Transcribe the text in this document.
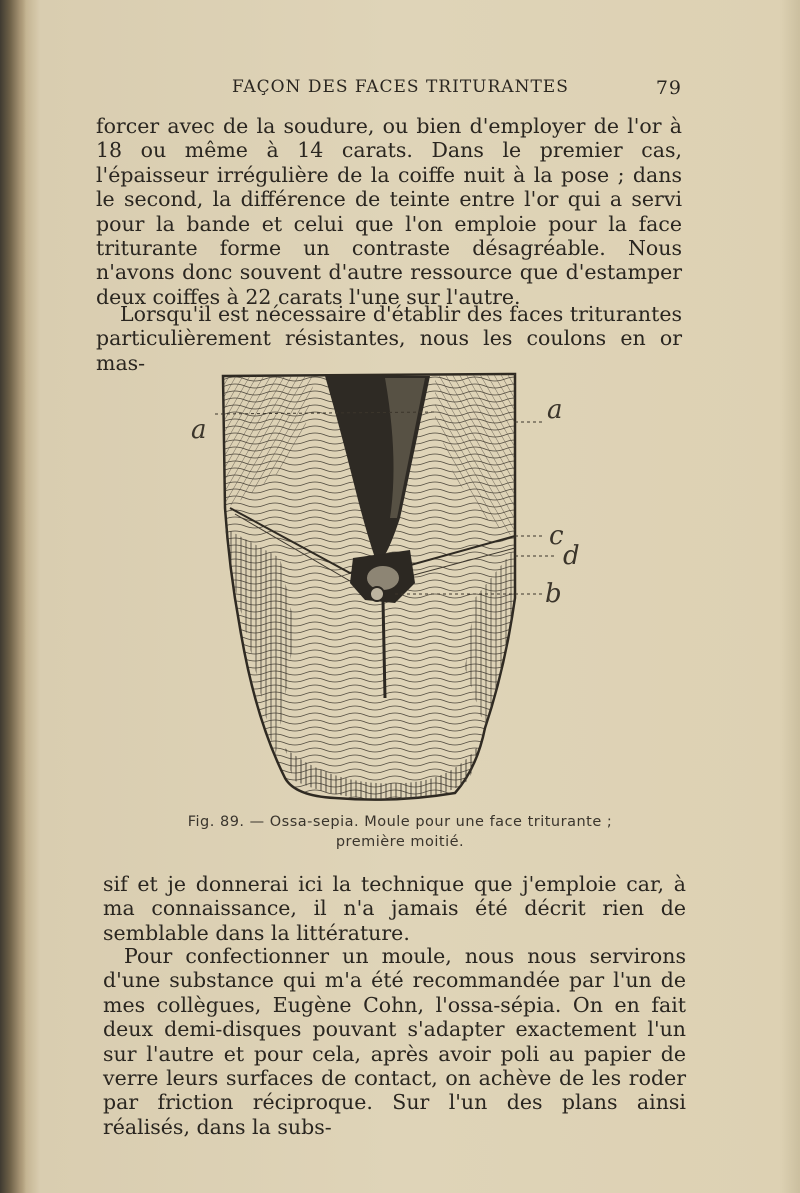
FAÇON DES FACES TRITURANTES	79

forcer avec de la soudure, ou bien d'employer de l'or à 18 ou même à 14 carats. Dans le premier cas, l'épaisseur irrégulière de la coiffe nuit à la pose ; dans le second, la différence de teinte entre l'or qui a servi pour la bande et celui que l'on emploie pour la face triturante forme un contraste désagréable. Nous n'avons donc souvent d'autre ressource que d'estamper deux coiffes à 22 carats l'une sur l'autre.

Lorsqu'il est nécessaire d'établir des faces triturantes particulièrement résistantes, nous les coulons en or mas-

a
a
c
d
b
Fig. 89. — Ossa-sepia. Moule pour une face triturante ;
première moitié.

sif et je donnerai ici la technique que j'emploie car, à ma connaissance, il n'a jamais été décrit rien de semblable dans la littérature.

Pour confectionner un moule, nous nous servirons d'une substance qui m'a été recommandée par l'un de mes collègues, Eugène Cohn, l'ossa-sépia. On en fait deux demi-disques pouvant s'adapter exactement l'un sur l'autre et pour cela, après avoir poli au papier de verre leurs surfaces de contact, on achève de les roder par friction réciproque. Sur l'un des plans ainsi réalisés, dans la subs-
